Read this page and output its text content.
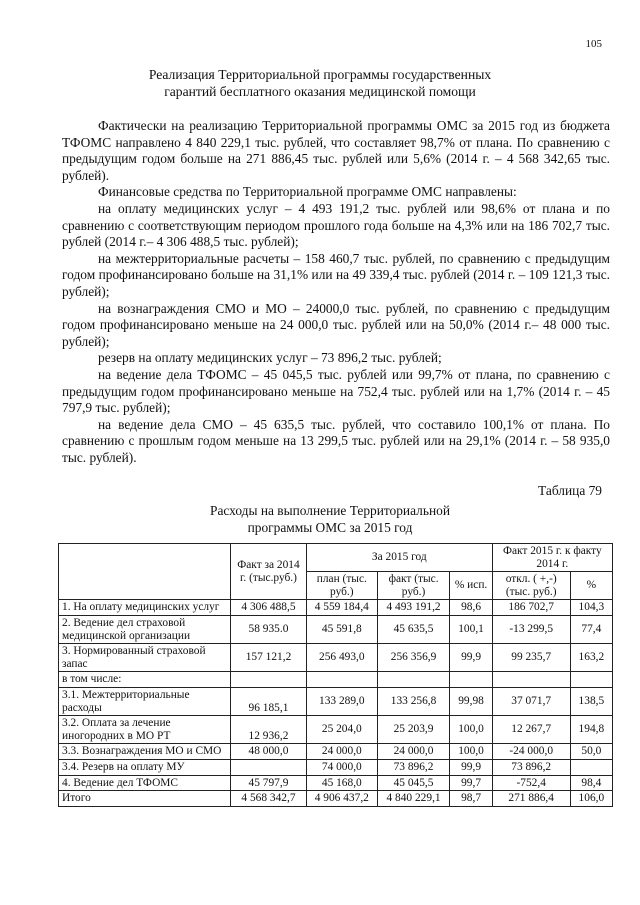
105
Реализация Территориальной программы государственных
гарантий бесплатного оказания медицинской помощи

Фактически на реализацию Территориальной программы ОМС за 2015 год из бюджета ТФОМС направлено 4 840 229,1 тыс. рублей, что составляет 98,7% от плана. По сравнению с предыдущим годом больше на 271 886,45 тыс. рублей или 5,6% (2014 г. – 4 568 342,65 тыс. рублей).

Финансовые средства по Территориальной программе ОМС направлены:

на оплату медицинских услуг – 4 493 191,2 тыс. рублей или 98,6% от плана и по сравнению с соответствующим периодом прошлого года больше на 4,3% или на 186 702,7 тыс. рублей (2014 г.– 4 306 488,5 тыс. рублей);

на межтерриториальные расчеты – 158 460,7 тыс. рублей, по сравнению с предыдущим годом профинансировано больше на 31,1% или на 49 339,4 тыс. рублей (2014 г. – 109 121,3 тыс. рублей);

на вознаграждения СМО и МО – 24000,0 тыс. рублей, по сравнению с предыдущим годом профинансировано меньше на 24 000,0 тыс. рублей или на 50,0% (2014 г.– 48 000 тыс. рублей);

резерв на оплату медицинских услуг – 73 896,2 тыс. рублей;

на ведение дела ТФОМС – 45 045,5 тыс. рублей или 99,7% от плана, по сравнению с предыдущим годом профинансировано меньше на 752,4 тыс. рублей или на 1,7% (2014 г. – 45 797,9 тыс. рублей);

на ведение дела СМО – 45 635,5 тыс. рублей, что составило 100,1% от плана. По сравнению с прошлым годом меньше на 13 299,5 тыс. рублей или на 29,1% (2014 г. – 58 935,0 тыс. рублей).

Таблица 79
Расходы на выполнение Территориальной
программы ОМС за 2015 год
	Факт за 2014 г. (тыс.руб.)	За 2015 год			Факт 2015 г. к факту 2014 г.	
		план (тыс. руб.)	факт (тыс. руб.)	% исп.	откл. ( +,-) (тыс. руб.)	%
1. На оплату медицинских услуг	4 306 488,5	4 559 184,4	4 493 191,2	98,6	186 702,7	104,3
2. Ведение дел страховой медицинской организации	58 935.0	45 591,8	45 635,5	100,1	-13 299,5	77,4
3. Нормированный страховой запас	157 121,2	256 493,0	256 356,9	99,9	99 235,7	163,2
в том числе:						
3.1. Межтерриториальные расходы	96 185,1	133 289,0	133 256,8	99,98	37 071,7	138,5
3.2. Оплата за лечение иногородних в МО РТ	12 936,2	25 204,0	25 203,9	100,0	12 267,7	194,8
3.3. Вознаграждения МО и СМО	48 000,0	24 000,0	24 000,0	100,0	-24 000,0	50,0
3.4. Резерв на оплату МУ		74 000,0	73 896,2	99,9	73 896,2	
4. Ведение дел ТФОМС	45 797,9	45 168,0	45 045,5	99,7	-752,4	98,4
Итого	4 568 342,7	4 906 437,2	4 840 229,1	98,7	271 886,4	106,0
